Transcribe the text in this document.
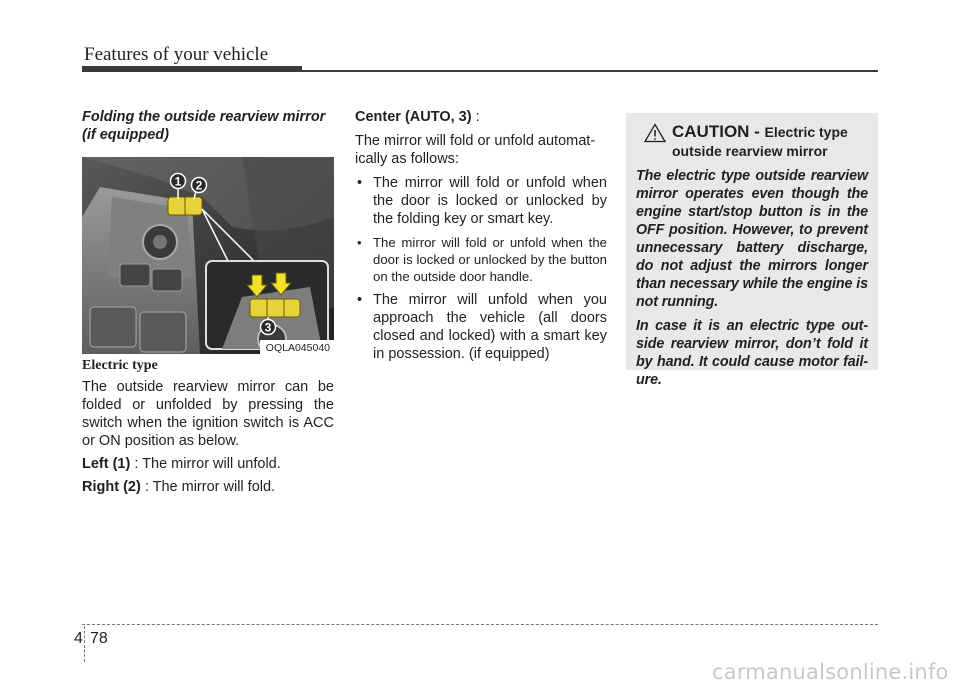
Features of your vehicle

Folding the outside rearview mirror (if equipped)

1 2
3
OQLA045040
Electric type

The outside rearview mirror can be folded or unfolded by pressing the switch when the ignition switch is ACC or ON position as below.

Left (1) : The mirror will unfold.

Right (2) : The mirror will fold.

Center (AUTO, 3) :

The mirror will fold or unfold automat-ically as follows:

• The mirror will fold or unfold when the door is locked or unlocked by the folding key or smart key.
• The mirror will fold or unfold when the door is locked or unlocked by the button on the outside door handle.
• The mirror will unfold when you approach the vehicle (all doors closed and locked) with a smart key in possession. (if equipped)
CAUTION - Electric type
outside rearview mirror

The electric type outside rearview mirror operates even though the engine start/stop button is in the OFF position. However, to prevent unnecessary battery discharge, do not adjust the mirrors longer than necessary while the engine is not running.

In case it is an electric type out-side rearview mirror, don’t fold it by hand. It could cause motor fail-ure.

4 78
carmanualsonline.info
